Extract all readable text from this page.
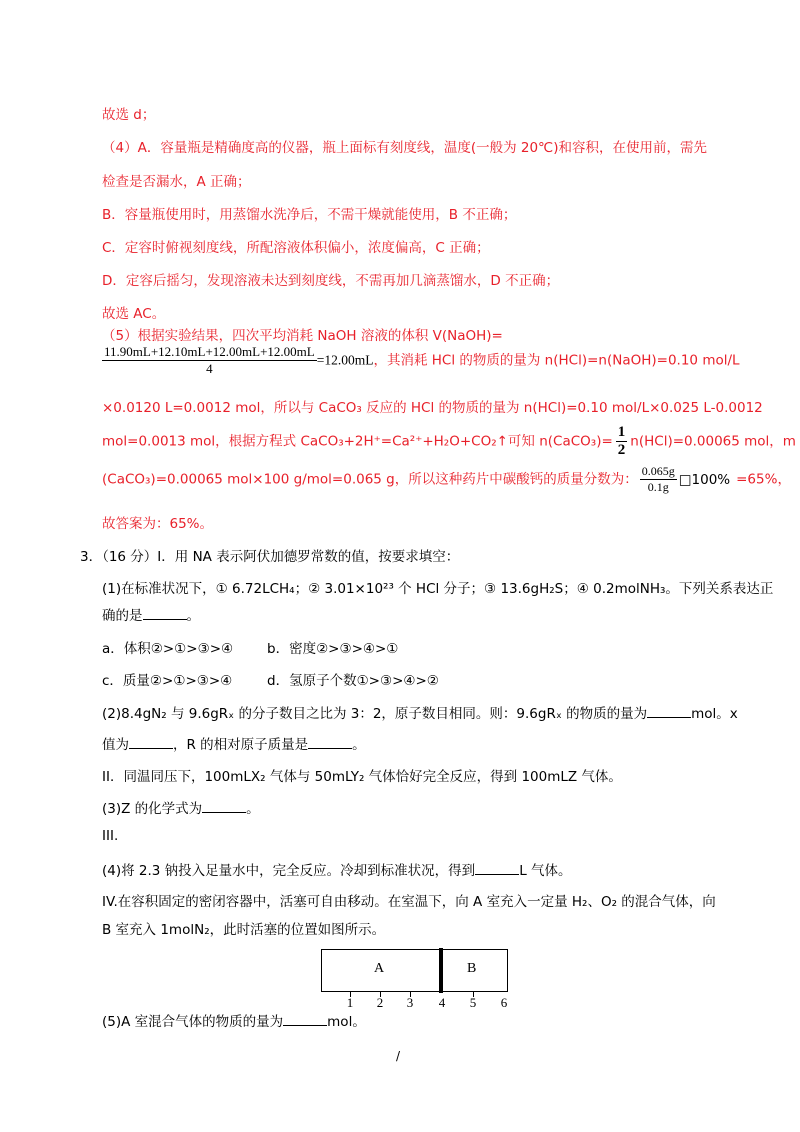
故选 d；
（4）A．容量瓶是精确度高的仪器，瓶上面标有刻度线，温度(一般为 20℃)和容积，在使用前，需先
检查是否漏水，A 正确；
B．容量瓶使用时，用蒸馏水洗净后，不需干燥就能使用，B 不正确；
C．定容时俯视刻度线，所配溶液体积偏小，浓度偏高，C 正确；
D．定容后摇匀，发现溶液未达到刻度线，不需再加几滴蒸馏水，D 不正确；
故选 AC。
（5）根据实验结果，四次平均消耗 NaOH 溶液的体积 V(NaOH)=
$\frac{11.90mL+12.10mL+12.00mL+12.00mL}{4} =12.00mL$，其消耗 HCl 的物质的量为 n(HCl)=n(NaOH)=0.10 mol/L
×0.0120 L=0.0012 mol，所以与 CaCO₃ 反应的 HCl 的物质的量为 n(HCl)=0.10 mol/L×0.025 L-0.0012
mol=0.0013 mol，根据方程式 CaCO₃+2H⁺=Ca²⁺+H₂O+CO₂↑可知 n(CaCO₃)= $\frac{1}{2} n(HCl)=0.00065$ mol，m
(CaCO₃)=0.00065 mol×100 g/mol=0.065 g，所以这种药片中碳酸钙的质量分数为： $\frac{0.065g}{0.1g}$ □100% =65%，
故答案为：65%。
3．（16 分）I．用 NA 表示阿伏加德罗常数的值，按要求填空：
(1)在标准状况下，① 6.72LCH₄；② 3.01×10²³ 个 HCl 分子；③ 13.6gH₂S；④ 0.2molNH₃。下列关系表达正
确的是	。
a．体积②>①>③>④	b．密度②>③>④>①
c．质量②>①>③>④	d．氢原子个数①>③>④>②
(2)8.4gN₂ 与 9.6gRₓ 的分子数目之比为 3：2，原子数目相同。则：9.6gRₓ 的物质的量为	mol。x
值为	，R 的相对原子质量是	。
II．同温同压下，100mLX₂ 气体与 50mLY₂ 气体恰好完全反应，得到 100mLZ 气体。
(3)Z 的化学式为	。
III.
(4)将 2.3 钠投入足量水中，完全反应。冷却到标准状况，得到	L 气体。
IV.在容积固定的密闭容器中，活塞可自由移动。在室温下，向 A 室充入一定量 H₂、O₂ 的混合气体，向
B 室充入 1molN₂，此时活塞的位置如图所示。
A	B
1 2 3 4 5 6
(5)A 室混合气体的物质的量为	mol。
/
